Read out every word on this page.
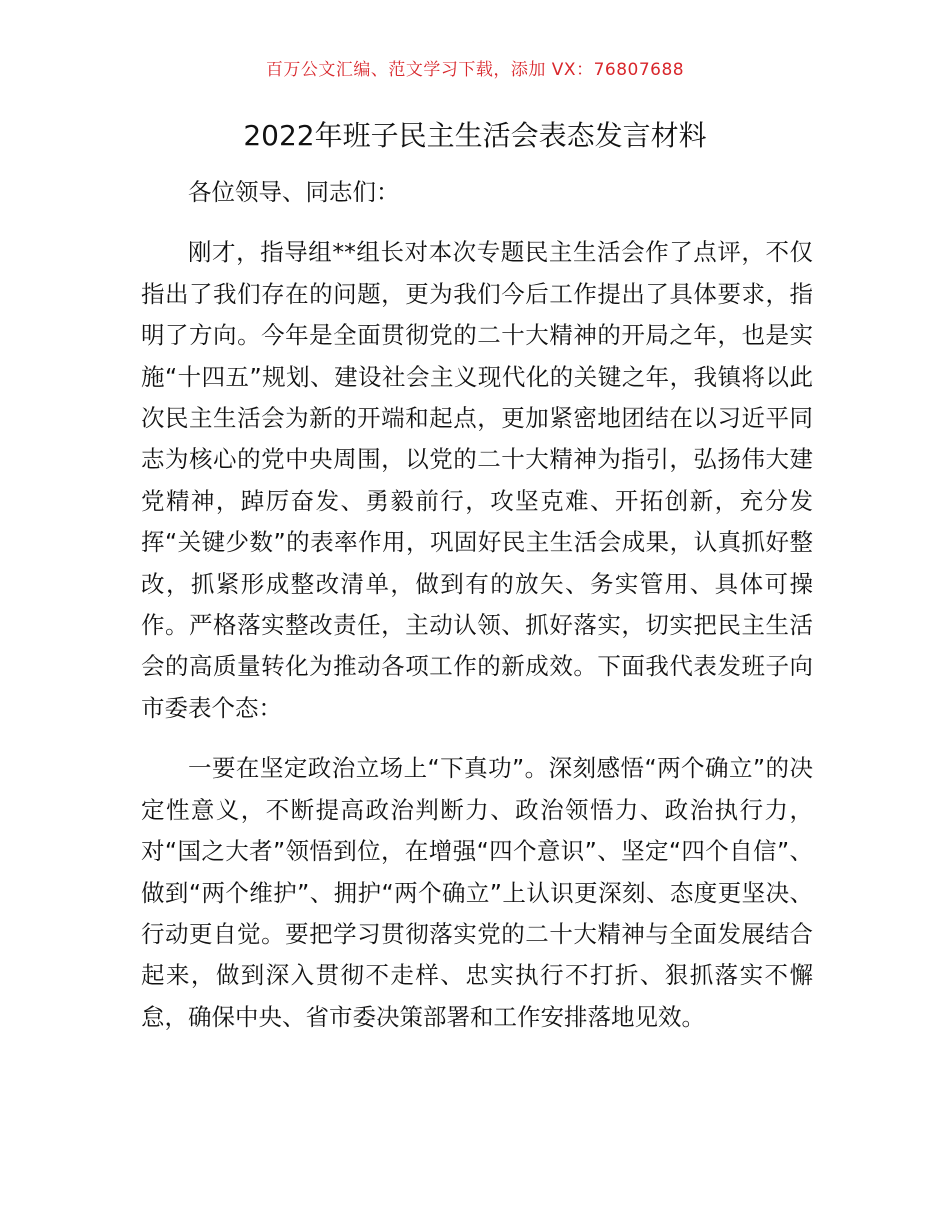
百万公文汇编、范文学习下载，添加 VX：76807688
2022年班子民主生活会表态发言材料

各位领导、同志们：

刚才，指导组**组长对本次专题民主生活会作了点评，不仅指出了我们存在的问题，更为我们今后工作提出了具体要求，指明了方向。今年是全面贯彻党的二十大精神的开局之年，也是实施“十四五”规划、建设社会主义现代化的关键之年，我镇将以此次民主生活会为新的开端和起点，更加紧密地团结在以习近平同志为核心的党中央周围，以党的二十大精神为指引，弘扬伟大建党精神，踔厉奋发、勇毅前行，攻坚克难、开拓创新，充分发挥“关键少数”的表率作用，巩固好民主生活会成果，认真抓好整改，抓紧形成整改清单，做到有的放矢、务实管用、具体可操作。严格落实整改责任，主动认领、抓好落实，切实把民主生活会的高质量转化为推动各项工作的新成效。下面我代表发班子向市委表个态：

一要在坚定政治立场上“下真功”。深刻感悟“两个确立”的决定性意义，不断提高政治判断力、政治领悟力、政治执行力，对“国之大者”领悟到位，在增强“四个意识”、坚定“四个自信”、做到“两个维护”、拥护“两个确立”上认识更深刻、态度更坚决、行动更自觉。要把学习贯彻落实党的二十大精神与全面发展结合起来，做到深入贯彻不走样、忠实执行不打折、狠抓落实不懈怠，确保中央、省市委决策部署和工作安排落地见效。
